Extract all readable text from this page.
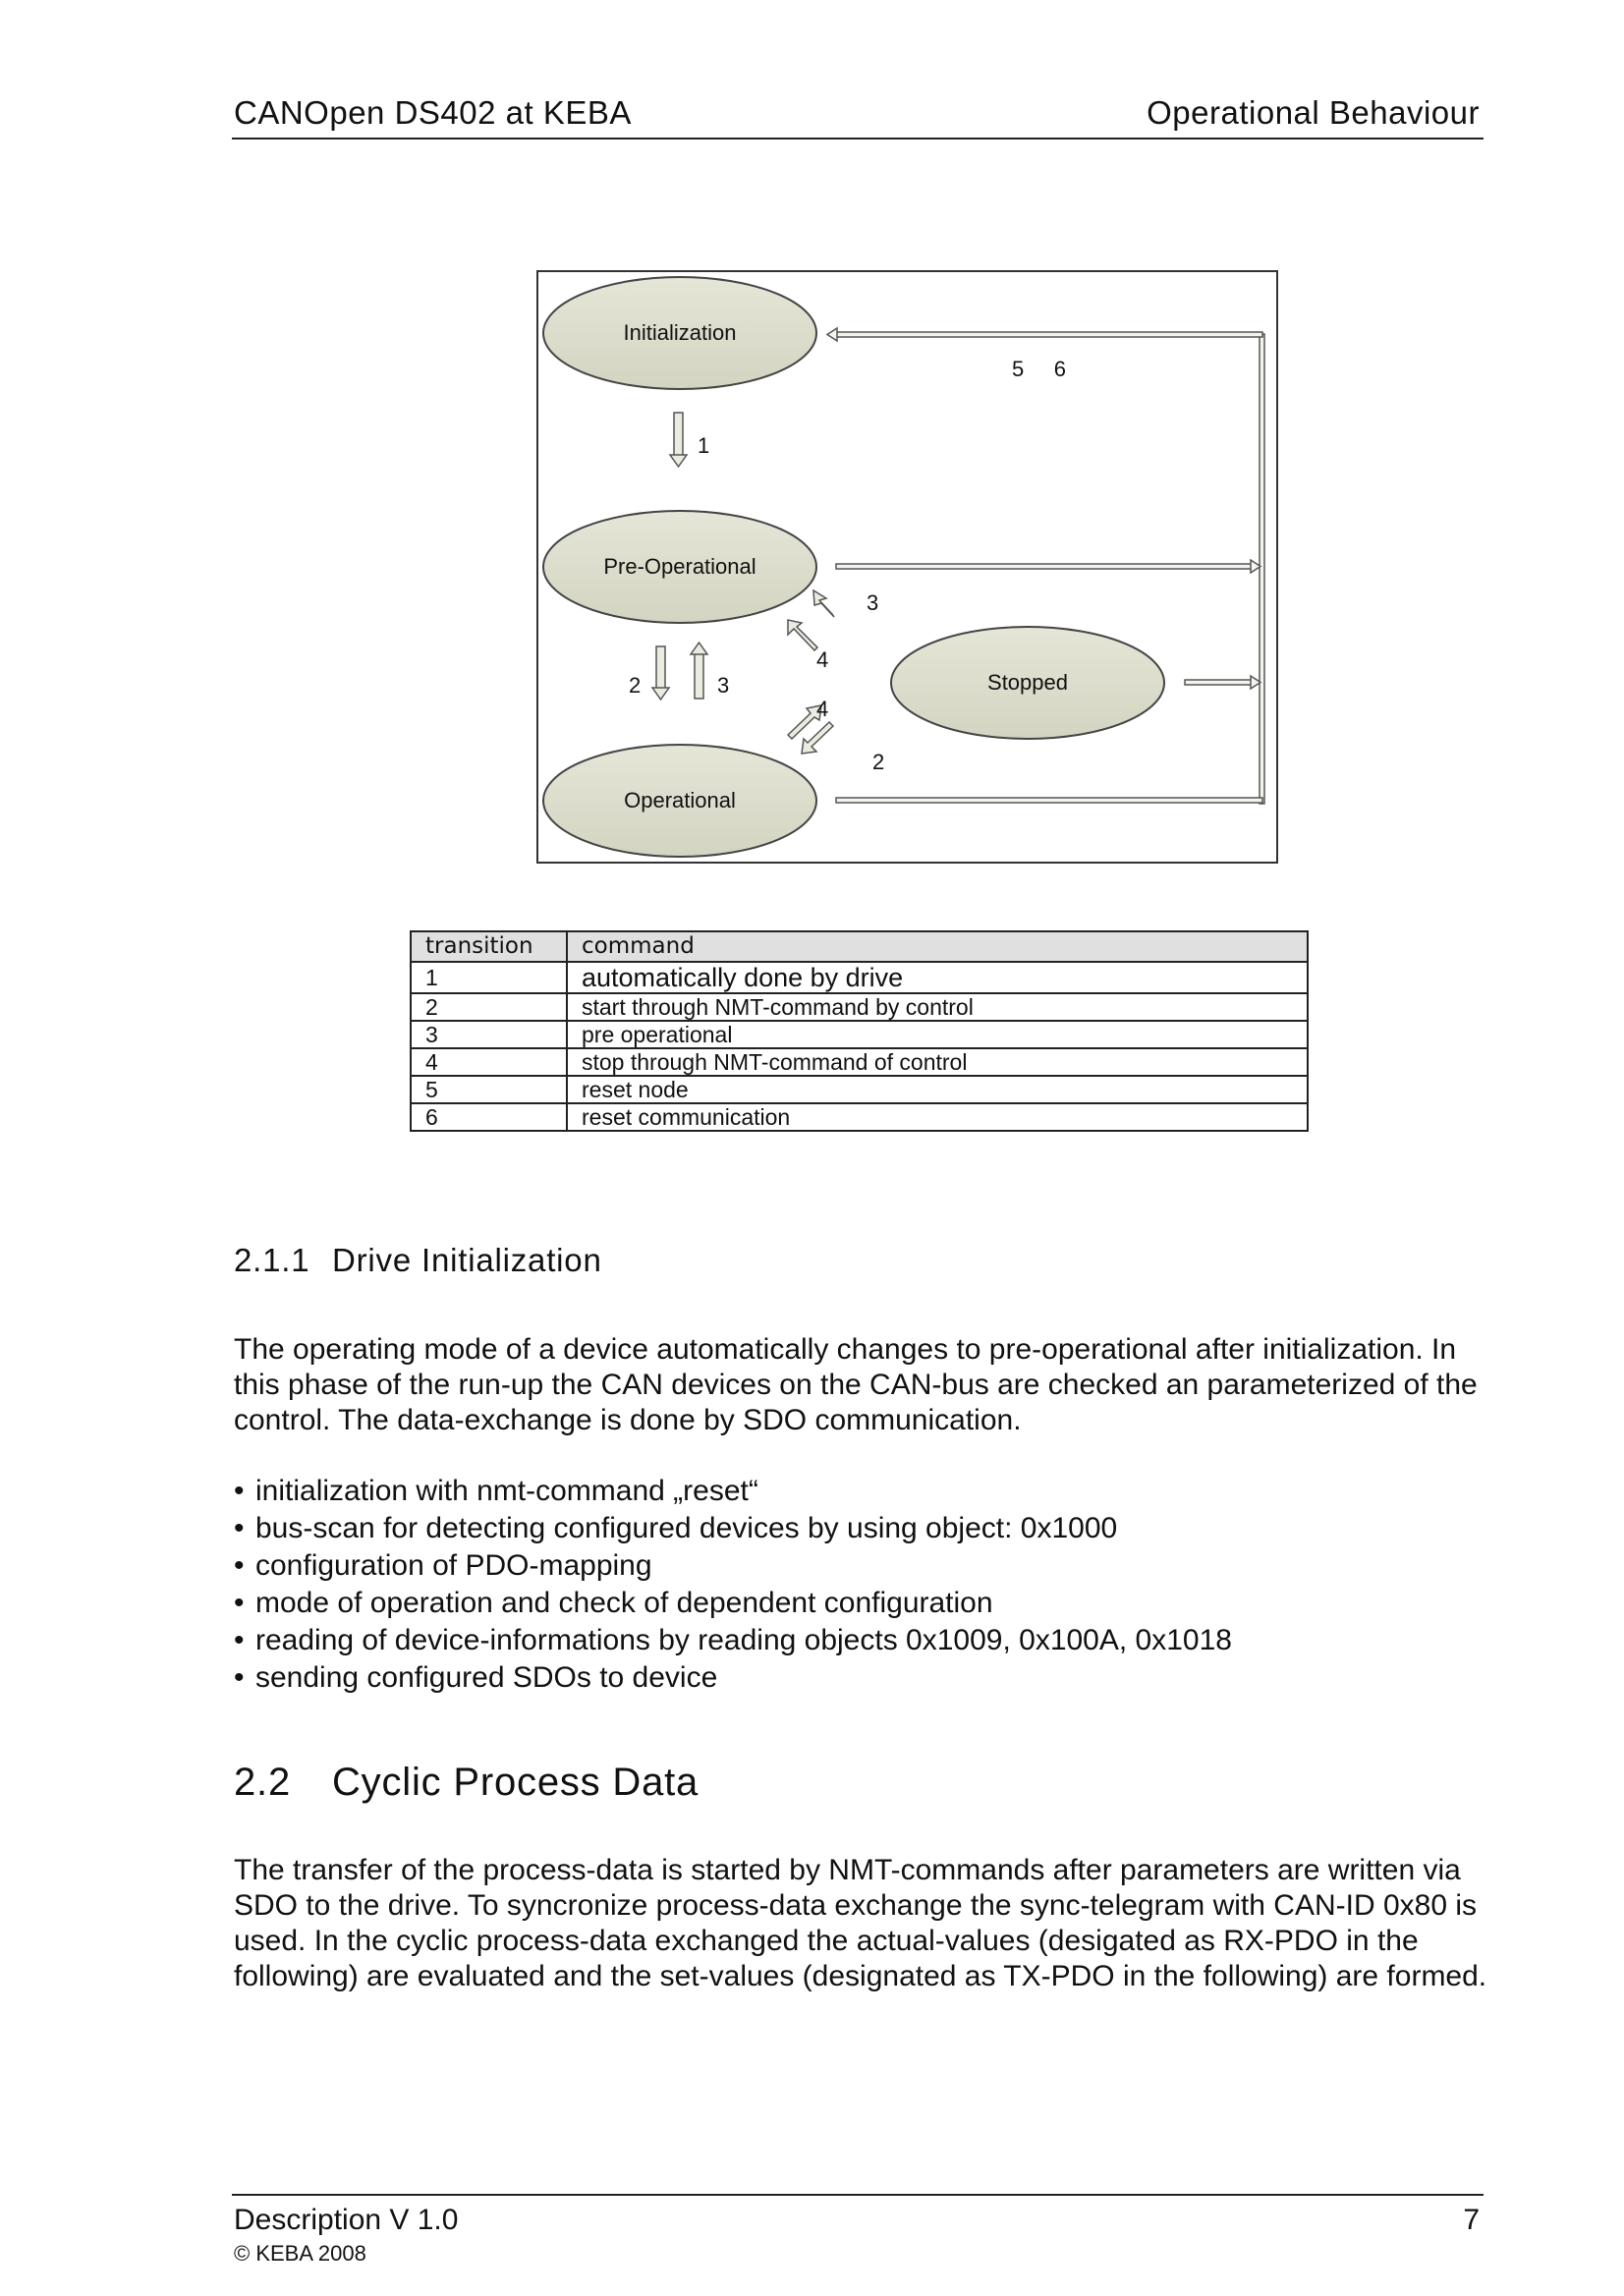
CANOpen DS402 at KEBA	Operational Behaviour
Initialization
Pre-Operational
Stopped
Operational
5     6
1
2	3
3
4
4
2
transition	command
1	automatically done by drive
2	start through NMT-command by control
3	pre operational
4	stop through NMT-command of control
5	reset node
6	reset communication
2.1.1 Drive Initialization

The operating mode of a device automatically changes to pre-operational after initialization. In this phase of the run-up the CAN devices on the CAN-bus are checked an parameterized of the control. The data-exchange is done by SDO communication.

• initialization with nmt-command „reset“
• bus-scan for detecting configured devices by using object: 0x1000
• configuration of PDO-mapping
• mode of operation and check of dependent configuration
• reading of device-informations by reading objects 0x1009, 0x100A, 0x1018
• sending configured SDOs to device
2.2 Cyclic Process Data

The transfer of the process-data is started by NMT-commands after parameters are written via SDO to the drive. To syncronize process-data exchange the sync-telegram with CAN-ID 0x80 is used. In the cyclic process-data exchanged the actual-values (desigated as RX-PDO in the following) are evaluated and the set-values (designated as TX-PDO in the following) are formed.

Description V 1.0	7
© KEBA 2008
